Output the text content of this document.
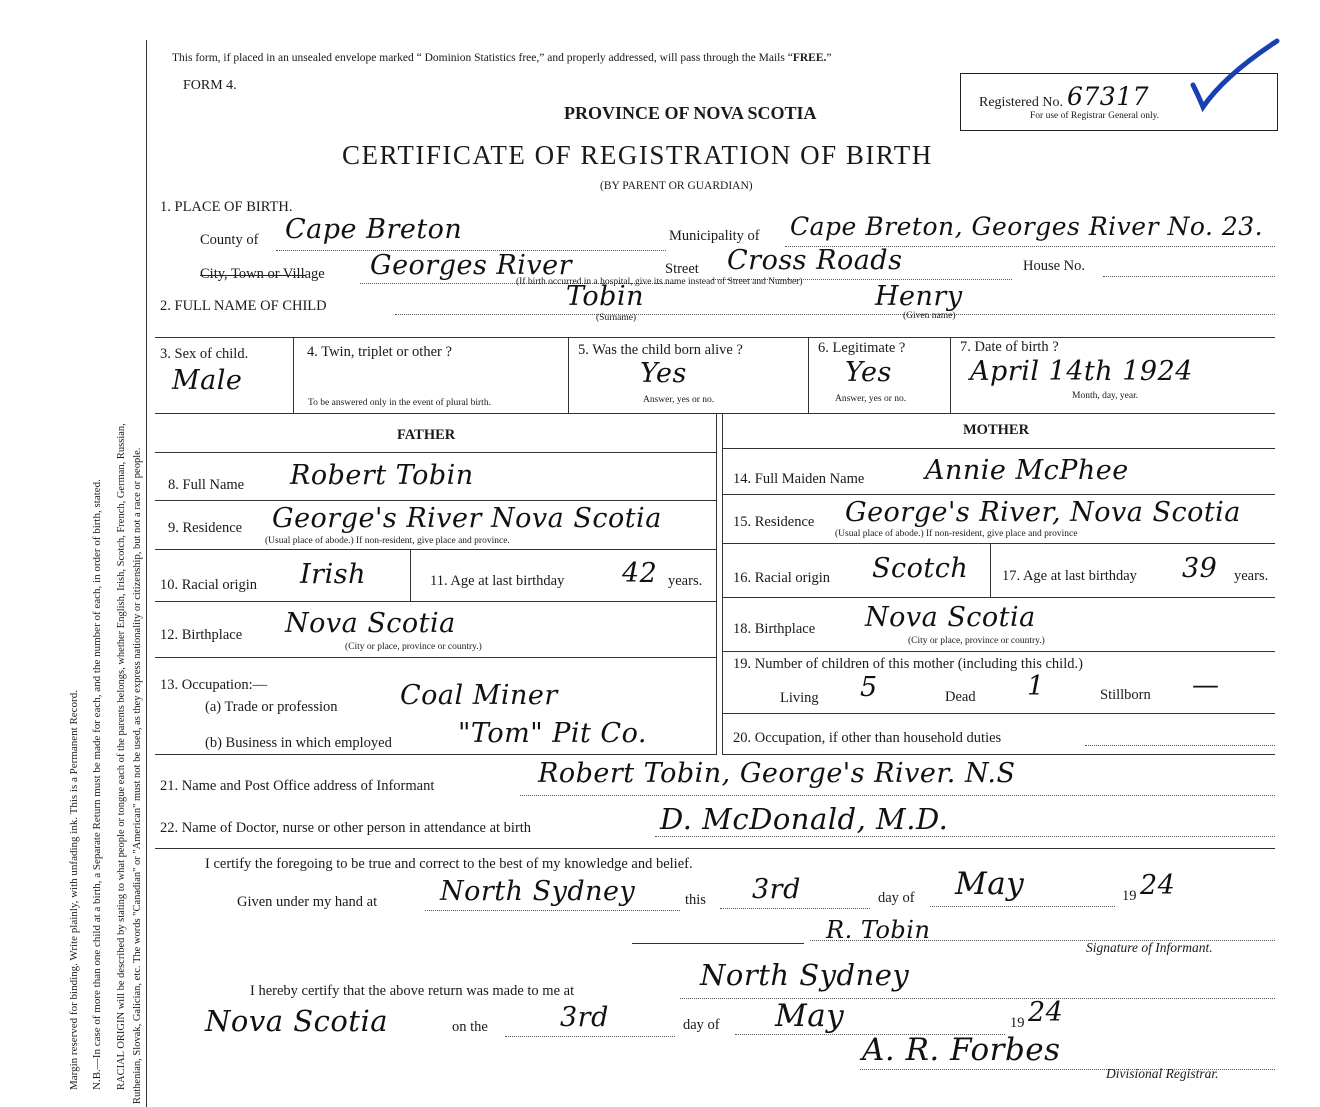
Margin reserved for binding. Write plainly, with unfading ink. This is a Permanent Record. N.B.—In case of more than one child at a birth, a Separate Return must be made for each, and the number of each, in order of birth, stated. RACIAL ORIGIN will be described by stating to what people or tongue each of the parents belongs, whether English, Irish, Scotch, French, German, Russian, Ruthenian, Slovak, Galician, etc. The words "Canadian" or "American" must not be used, as they express nationality or citizenship, but not a race or people.
This form, if placed in an unsealed envelope marked “ Dominion Statistics free,” and properly addressed, will pass through the Mails “FREE.”
FORM 4.
PROVINCE OF NOVA SCOTIA
Registered No. 67317
For use of Registrar General only.
CERTIFICATE OF REGISTRATION OF BIRTH
(BY PARENT OR GUARDIAN)
1. PLACE OF BIRTH.
County of Cape Breton	Municipality of Cape Breton, Georges River No. 23.
City, Town or Village Georges River	Street Cross Roads	House No.
(If birth occurred in a hospital, give its name instead of Street and Number)
2. FULL NAME OF CHILD	Tobin
(Surname)
Henry
(Given name)
3. Sex of child.
Male
4. Twin, triplet or other ?
To be answered only in the event of plural birth.
5. Was the child born alive ?
Yes
Answer, yes or no.
6. Legitimate ?
Yes
Answer, yes or no.
7. Date of birth ?
April 14th 1924
Month, day, year.
FATHER	MOTHER
8. Full Name Robert Tobin
9. Residence George's River Nova Scotia
(Usual place of abode.) If non-resident, give place and province.
10. Racial origin Irish	11. Age at last birthday 42 years.
12. Birthplace Nova Scotia
(City or place, province or country.)
13. Occupation:—
(a) Trade or profession Coal Miner
(b) Business in which employed "Tom" Pit Co.
14. Full Maiden Name Annie McPhee
15. Residence George's River, Nova Scotia
(Usual place of abode.) If non-resident, give place and province
16. Racial origin Scotch 17. Age at last birthday 39 years.
18. Birthplace Nova Scotia
(City or place, province or country.)
19. Number of children of this mother (including this child.)
Living 5	Dead 1	Stillborn —
20. Occupation, if other than household duties
21. Name and Post Office address of Informant	Robert Tobin, George's River. N.S
22. Name of Doctor, nurse or other person in attendance at birth	D. McDonald, M.D.
I certify the foregoing to be true and correct to the best of my knowledge and belief.
Given under my hand at North Sydney	this 3rd	day of May	19 24
R. Tobin
Signature of Informant.
I hereby certify that the above return was made to me at	North Sydney
Nova Scotia	on the	3rd	day of May	19 24
A. R. Forbes
Divisional Registrar.
